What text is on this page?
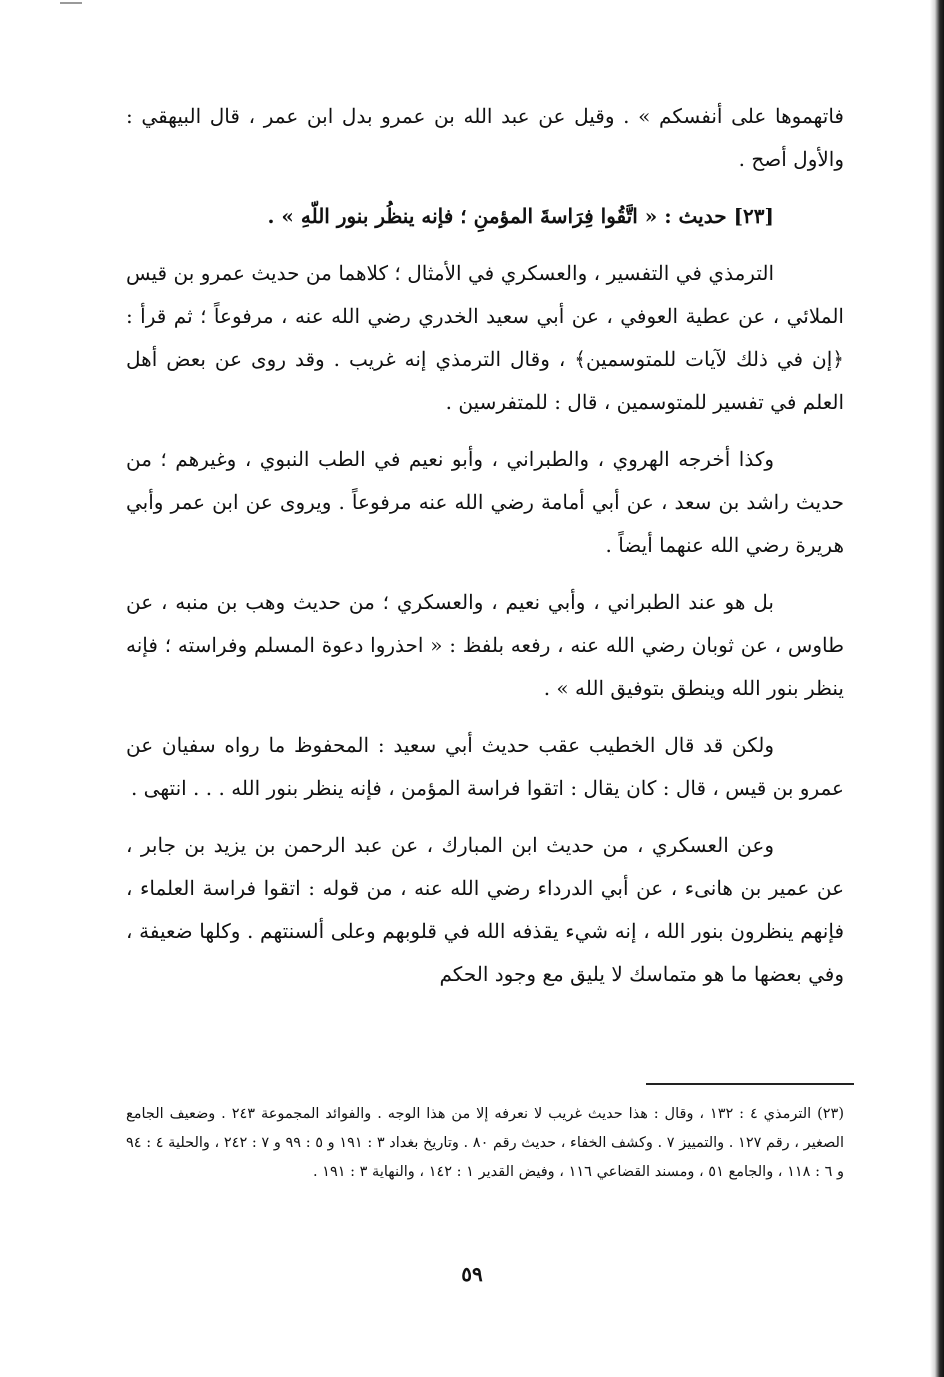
فاتهموها على أنفسكم » . وقيل عن عبد الله بن عمرو بدل ابن عمر ، قال البيهقي : والأول أصح .

[٢٣] حديث : « اتَّقُوا فِرَاسةَ المؤمنِ ؛ فإنه ينظُر بنور اللّهِ » .

الترمذي في التفسير ، والعسكري في الأمثال ؛ كلاهما من حديث عمرو بن قيس الملائي ، عن عطية العوفي ، عن أبي سعيد الخدري رضي الله عنه ، مرفوعاً ؛ ثم قرأ : ﴿إن في ذلك لآيات للمتوسمين﴾ ، وقال الترمذي إنه غريب . وقد روى عن بعض أهل العلم في تفسير للمتوسمين ، قال : للمتفرسين .

وكذا أخرجه الهروي ، والطبراني ، وأبو نعيم في الطب النبوي ، وغيرهم ؛ من حديث راشد بن سعد ، عن أبي أمامة رضي الله عنه مرفوعاً . ويروى عن ابن عمر وأبي هريرة رضي الله عنهما أيضاً .

بل هو عند الطبراني ، وأبي نعيم ، والعسكري ؛ من حديث وهب بن منبه ، عن طاوس ، عن ثوبان رضي الله عنه ، رفعه بلفظ : « احذروا دعوة المسلم وفراسته ؛ فإنه ينظر بنور الله وينطق بتوفيق الله » .

ولكن قد قال الخطيب عقب حديث أبي سعيد : المحفوظ ما رواه سفيان عن عمرو بن قيس ، قال : كان يقال : اتقوا فراسة المؤمن ، فإنه ينظر بنور الله . . . انتهى .

وعن العسكري ، من حديث ابن المبارك ، عن عبد الرحمن بن يزيد بن جابر ، عن عمير بن هانىء ، عن أبي الدرداء رضي الله عنه ، من قوله : اتقوا فراسة العلماء ، فإنهم ينظرون بنور الله ، إنه شيء يقذفه الله في قلوبهم وعلى ألسنتهم . وكلها ضعيفة ، وفي بعضها ما هو متماسك لا يليق مع وجود الحكم

(٢٣) الترمذي ٤ : ١٣٢ ، وقال : هذا حديث غريب لا نعرفه إلا من هذا الوجه . والفوائد المجموعة ٢٤٣ . وضعيف الجامع الصغير ، رقم ١٢٧ . والتمييز ٧ . وكشف الخفاء ، حديث رقم ٨٠ . وتاريخ بغداد ٣ : ١٩١ و ٥ : ٩٩ و ٧ : ٢٤٢ ، والحلية ٤ : ٩٤ و ٦ : ١١٨ ، والجامع ٥١ ، ومسند القضاعي ١١٦ ، وفيض القدير ١ : ١٤٢ ، والنهاية ٣ : ١٩١ .
٥٩
